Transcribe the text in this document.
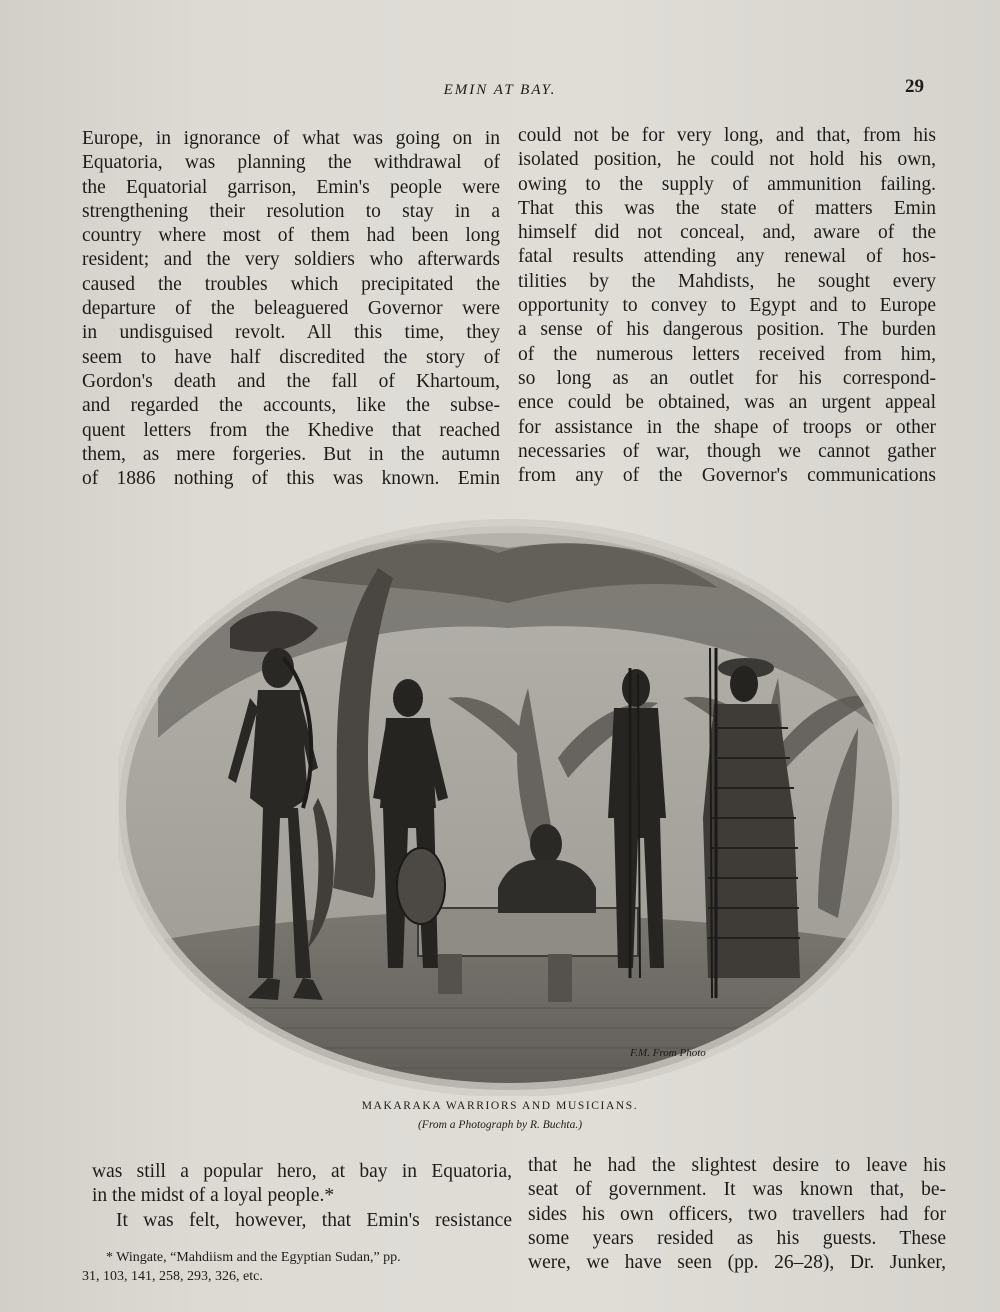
EMIN AT BAY.	29
Europe, in ignorance of what was going on in
Equatoria, was planning the withdrawal of
the Equatorial garrison, Emin's people were
strengthening their resolution to stay in a
country where most of them had been long
resident; and the very soldiers who afterwards
caused the troubles which precipitated the
departure of the beleaguered Governor were
in undisguised revolt. All this time, they
seem to have half discredited the story of
Gordon's death and the fall of Khartoum,
and regarded the accounts, like the subse-
quent letters from the Khedive that reached
them, as mere forgeries. But in the autumn
of 1886 nothing of this was known. Emin
could not be for very long, and that, from his
isolated position, he could not hold his own,
owing to the supply of ammunition failing.
That this was the state of matters Emin
himself did not conceal, and, aware of the
fatal results attending any renewal of hos-
tilities by the Mahdists, he sought every
opportunity to convey to Egypt and to Europe
a sense of his dangerous position. The burden
of the numerous letters received from him,
so long as an outlet for his correspond-
ence could be obtained, was an urgent appeal
for assistance in the shape of troops or other
necessaries of war, though we cannot gather
from any of the Governor's communications
F.M. From Photo
MAKARAKA WARRIORS AND MUSICIANS.
(From a Photograph by R. Buchta.)
was still a popular hero, at bay in Equatoria,
in the midst of a loyal people.*
It was felt, however, that Emin's resistance
that he had the slightest desire to leave his
seat of government. It was known that, be-
sides his own officers, two travellers had for
some years resided as his guests. These
were, we have seen (pp. 26–28), Dr. Junker,
* Wingate, “Mahdiism and the Egyptian Sudan,” pp.
31, 103, 141, 258, 293, 326, etc.
